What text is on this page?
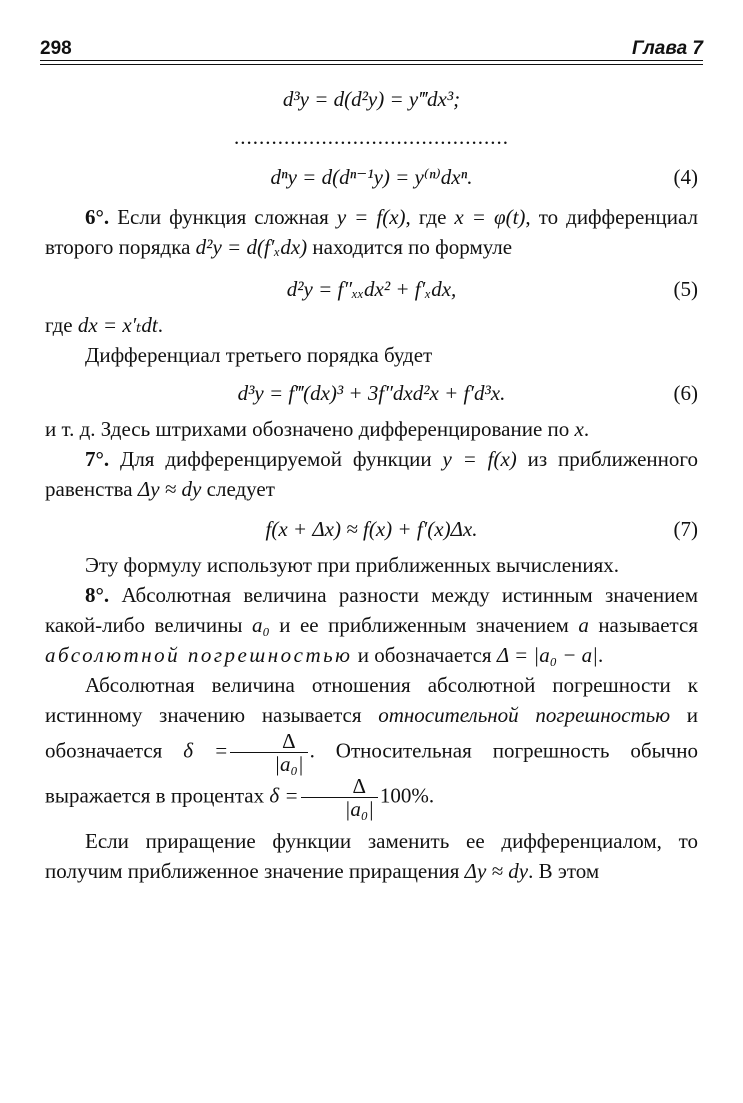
298	Глава 7
d³y = d(d²y) = y‴dx³;
............................................
dⁿy = d(dⁿ⁻¹y) = y⁽ⁿ⁾dxⁿ.	(4)

6°. Если функция сложная y = f(x), где x = φ(t), то дифференциал второго порядка d²y = d(f′ₓdx) находится по формуле

d²y = f″ₓₓdx² + f′ₓdx,	(5)

где dx = x′ₜdt.

Дифференциал третьего порядка будет

d³y = f‴(dx)³ + 3f″dxd²x + f′d³x.	(6)

и т. д. Здесь штрихами обозначено дифференцирование по x.

7°. Для дифференцируемой функции y = f(x) из приближенного равенства Δy ≈ dy следует

f(x + Δx) ≈ f(x) + f′(x)Δx.	(7)

Эту формулу используют при приближенных вычислениях.

8°. Абсолютная величина разности между истинным значением какой-либо величины a₀ и ее приближенным значением a называется абсолютной погрешностью и обозначается Δ = |a₀ − a|.

Абсолютная величина отношения абсолютной погрешности к истинному значению называется относительной погрешностью и обозначается $\delta = \frac{\Delta}{\text{|a₀|}}$ . Относительная погрешность обычно выражается в процентах $\delta = \frac{\Delta}{\text{|a₀|}} 100\%$.

Если приращение функции заменить ее дифференциалом, то получим приближенное значение приращения Δy ≈ dy. В этом
